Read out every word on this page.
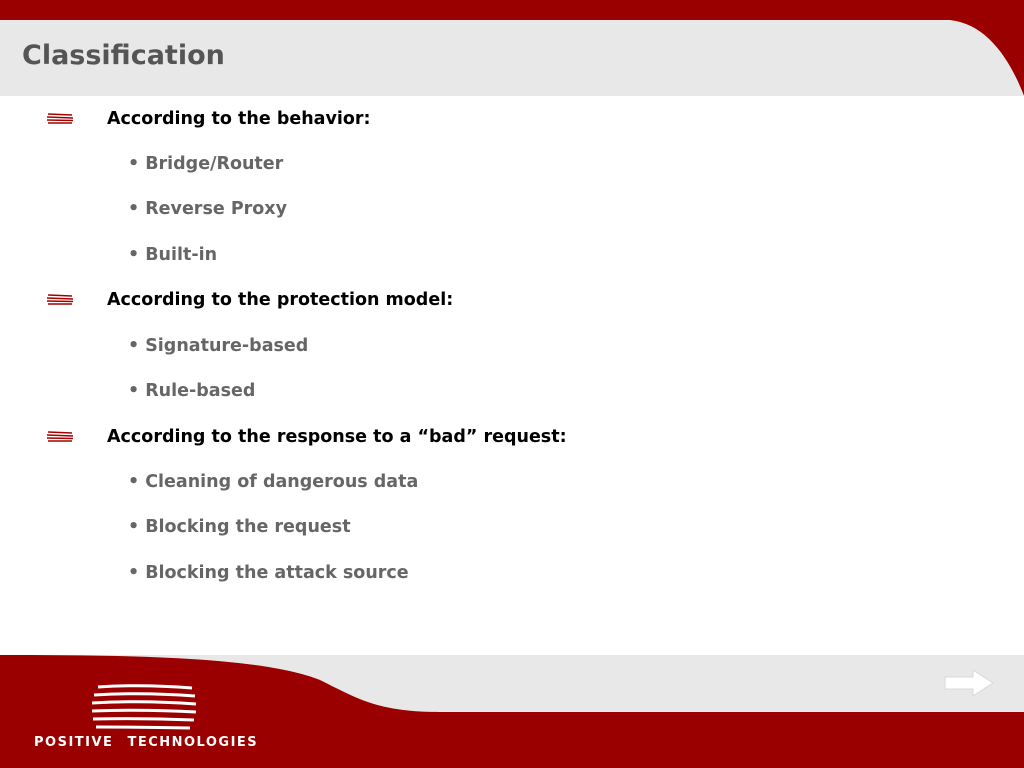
Classification
According to the behavior:
• Bridge/Router
• Reverse Proxy
• Built-in
According to the protection model:
• Signature-based
• Rule-based
According to the response to a “bad” request:
• Cleaning of dangerous data
• Blocking the request
• Blocking the attack source
POSITIVE TECHNOLOGIES
